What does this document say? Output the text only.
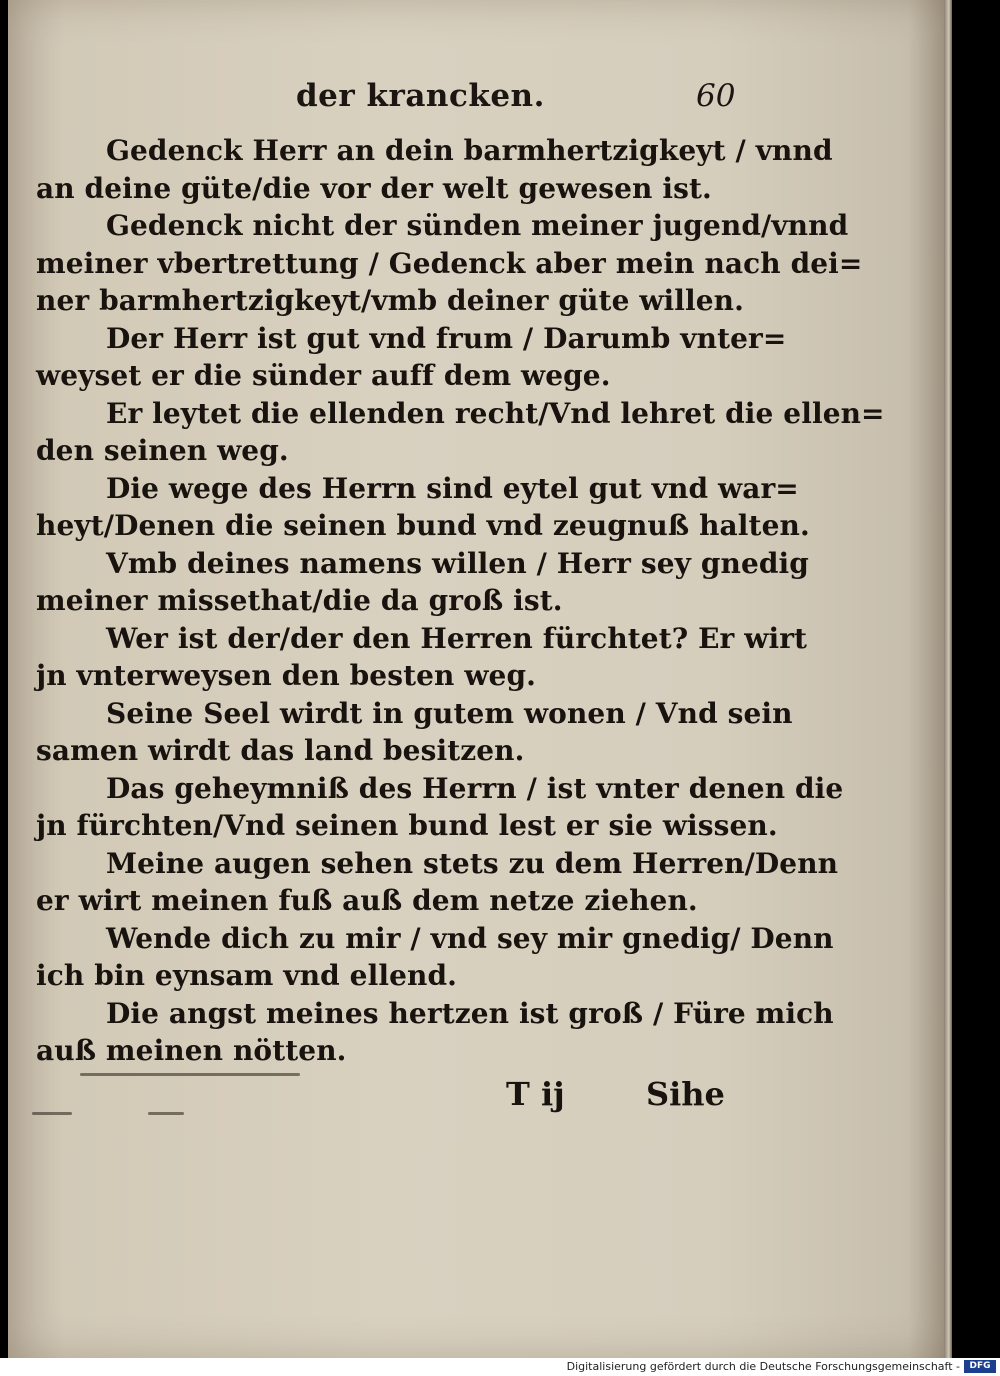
der krancken.	60

Gedenck Herr an dein barmhertzigkeyt / vnnd
an deine güte/die vor der welt gewesen ist.

Gedenck nicht der sünden meiner jugend/vnnd
meiner vbertrettung / Gedenck aber mein nach dei=
ner barmhertzigkeyt/vmb deiner güte willen.

Der Herr ist gut vnd frum / Darumb vnter=
weyset er die sünder auff dem wege.

Er leytet die ellenden recht/Vnd lehret die ellen=
den seinen weg.

Die wege des Herrn sind eytel gut vnd war=
heyt/Denen die seinen bund vnd zeugnuß halten.

Vmb deines namens willen / Herr sey gnedig
meiner missethat/die da groß ist.

Wer ist der/der den Herren fürchtet? Er wirt
jn vnterweysen den besten weg.

Seine Seel wirdt in gutem wonen / Vnd sein
samen wirdt das land besitzen.

Das geheymniß des Herrn / ist vnter denen die
jn fürchten/Vnd seinen bund lest er sie wissen.

Meine augen sehen stets zu dem Herren/Denn
er wirt meinen fuß auß dem netze ziehen.

Wende dich zu mir / vnd sey mir gnedig/ Denn
ich bin eynsam vnd ellend.

Die angst meines hertzen ist groß / Füre mich
auß meinen nötten.

T ij	Sihe
Digitalisierung gefördert durch die Deutsche Forschungsgemeinschaft -	DFG
